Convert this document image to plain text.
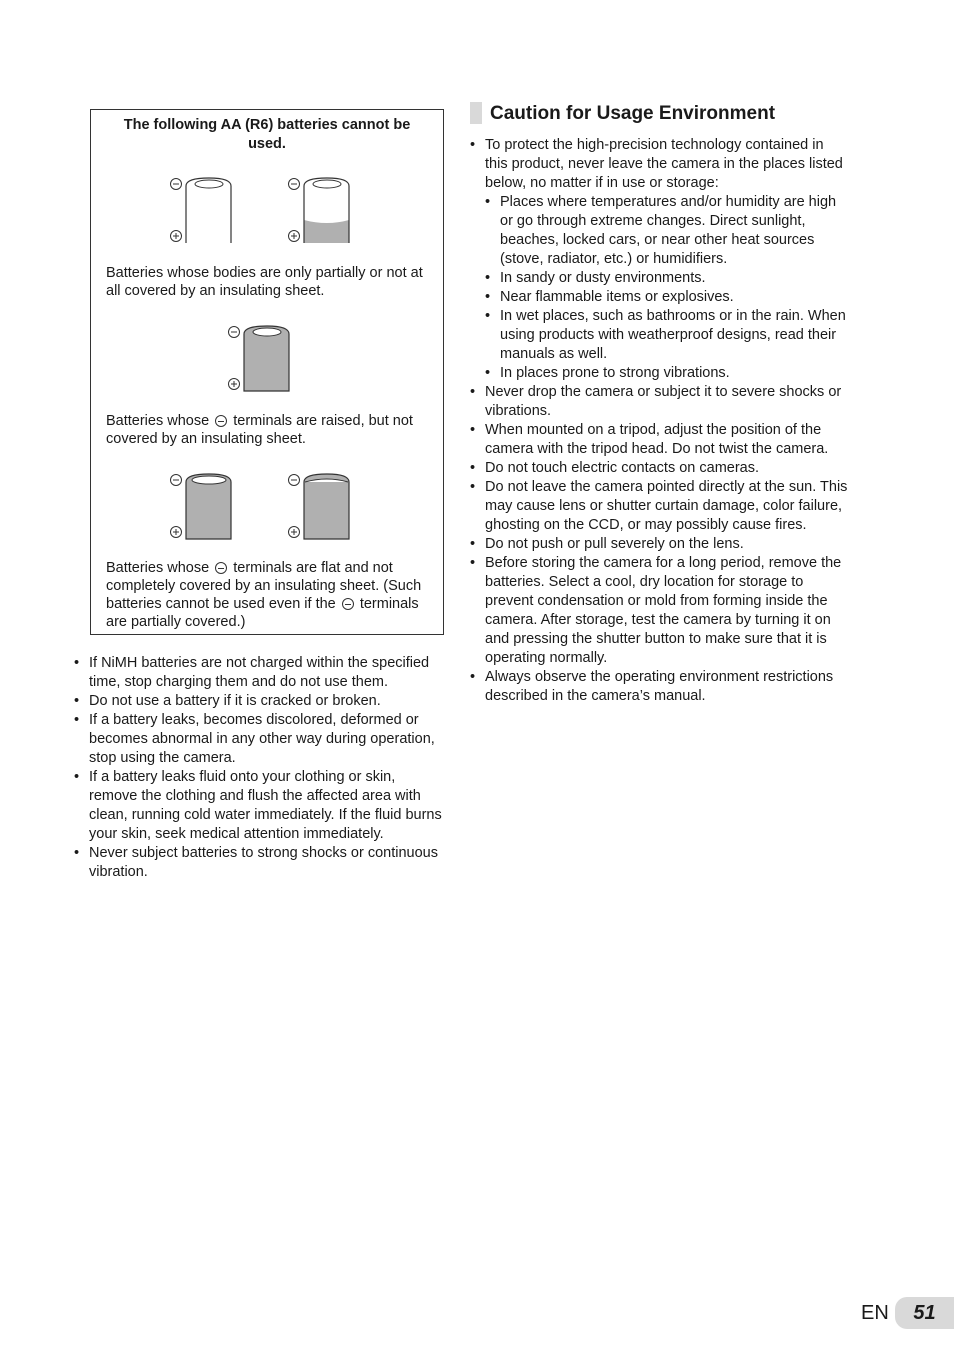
The following AA (R6) batteries cannot be used.
Batteries whose bodies are only partially or not at all covered by an insulating sheet.
Batteries whose terminals are raised, but not covered by an insulating sheet.
Batteries whose terminals are flat and not completely covered by an insulating sheet. (Such batteries cannot be used even if the terminals are partially covered.)
• If NiMH batteries are not charged within the specified time, stop charging them and do not use them.
• Do not use a battery if it is cracked or broken.
• If a battery leaks, becomes discolored, deformed or becomes abnormal in any other way during operation, stop using the camera.
• If a battery leaks fluid onto your clothing or skin, remove the clothing and flush the affected area with clean, running cold water immediately. If the fluid burns your skin, seek medical attention immediately.
• Never subject batteries to strong shocks or continuous vibration.
Caution for Usage Environment
• To protect the high-precision technology contained in this product, never leave the camera in the places listed below, no matter if in use or storage:
• Places where temperatures and/or humidity are high or go through extreme changes. Direct sunlight, beaches, locked cars, or near other heat sources (stove, radiator, etc.) or humidifiers.
• In sandy or dusty environments.
• Near flammable items or explosives.
• In wet places, such as bathrooms or in the rain. When using products with weatherproof designs, read their manuals as well.
• In places prone to strong vibrations.
• Never drop the camera or subject it to severe shocks or vibrations.
• When mounted on a tripod, adjust the position of the camera with the tripod head. Do not twist the camera.
• Do not touch electric contacts on cameras.
• Do not leave the camera pointed directly at the sun. This may cause lens or shutter curtain damage, color failure, ghosting on the CCD, or may possibly cause fires.
• Do not push or pull severely on the lens.
• Before storing the camera for a long period, remove the batteries. Select a cool, dry location for storage to prevent condensation or mold from forming inside the camera. After storage, test the camera by turning it on and pressing the shutter button to make sure that it is operating normally.
• Always observe the operating environment restrictions described in the camera’s manual.
EN	51
